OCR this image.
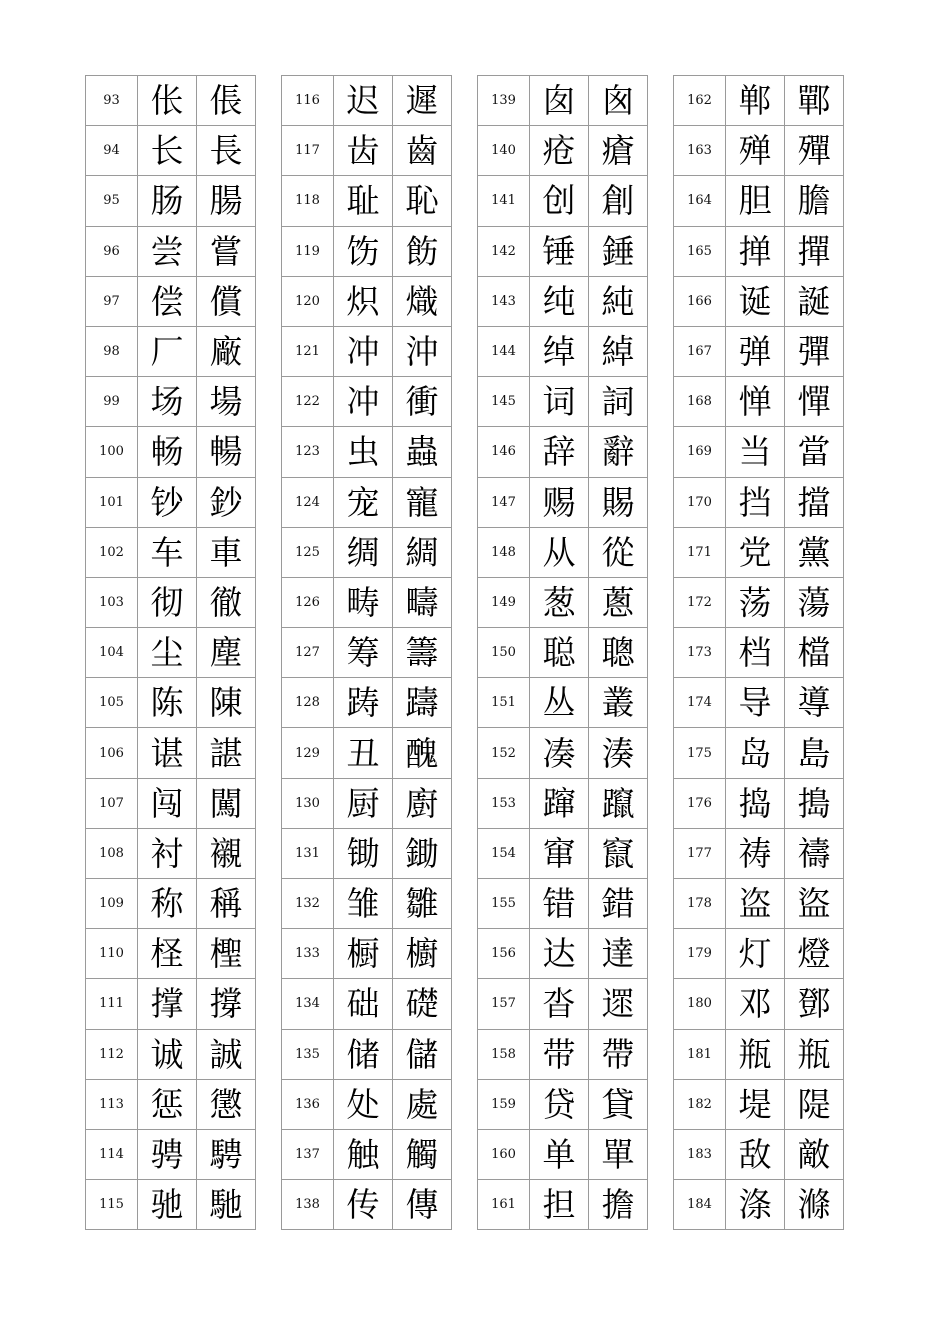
93	伥	倀
94	长	長
95	肠	腸
96	尝	嘗
97	偿	償
98	厂	廠
99	场	場
100	畅	暢
101	钞	鈔
102	车	車
103	彻	徹
104	尘	塵
105	陈	陳
106	谌	諶
107	闯	闖
108	衬	襯
109	称	稱
110	柽	檉
111	撑	撐
112	诚	誠
113	惩	懲
114	骋	騁
115	驰	馳
116	迟	遲
117	齿	齒
118	耻	恥
119	饬	飭
120	炽	熾
121	冲	沖
122	冲	衝
123	虫	蟲
124	宠	寵
125	绸	綢
126	畴	疇
127	筹	籌
128	踌	躊
129	丑	醜
130	厨	廚
131	锄	鋤
132	雏	雛
133	橱	櫥
134	础	礎
135	储	儲
136	处	處
137	触	觸
138	传	傳
139	囱	囪
140	疮	瘡
141	创	創
142	锤	錘
143	纯	純
144	绰	綽
145	词	詞
146	辞	辭
147	赐	賜
148	从	從
149	葱	蔥
150	聪	聰
151	丛	叢
152	凑	湊
153	蹿	躥
154	窜	竄
155	错	錯
156	达	達
157	沓	遝
158	带	帶
159	贷	貸
160	单	單
161	担	擔
162	郸	鄲
163	殚	殫
164	胆	膽
165	掸	撣
166	诞	誕
167	弹	彈
168	惮	憚
169	当	當
170	挡	擋
171	党	黨
172	荡	蕩
173	档	檔
174	导	導
175	岛	島
176	捣	搗
177	祷	禱
178	盗	盜
179	灯	燈
180	邓	鄧
181	瓶	瓶
182	堤	隄
183	敌	敵
184	涤	滌
